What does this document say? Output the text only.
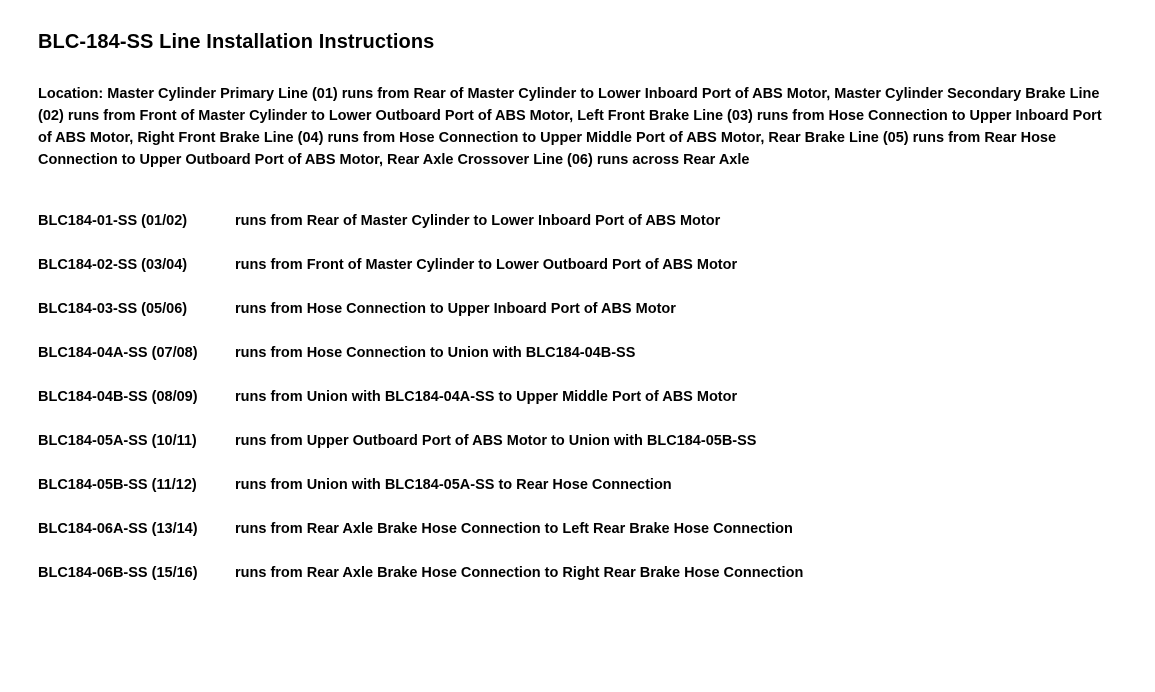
BLC-184-SS Line Installation Instructions

Location: Master Cylinder Primary Line (01) runs from Rear of Master Cylinder to Lower Inboard Port of ABS Motor, Master Cylinder Secondary Brake Line (02) runs from Front of Master Cylinder to Lower Outboard Port of ABS Motor, Left Front Brake Line (03) runs from Hose Connection to Upper Inboard Port of ABS Motor, Right Front Brake Line (04) runs from Hose Connection to Upper Middle Port of ABS Motor, Rear Brake Line (05) runs from Rear Hose Connection to Upper Outboard Port of ABS Motor, Rear Axle Crossover Line (06) runs across Rear Axle

BLC184-01-SS (01/02)	runs from Rear of Master Cylinder to Lower Inboard Port of ABS Motor
BLC184-02-SS (03/04)	runs from Front of Master Cylinder to Lower Outboard Port of ABS Motor
BLC184-03-SS (05/06)	runs from Hose Connection to Upper Inboard Port of ABS Motor
BLC184-04A-SS (07/08)	runs from Hose Connection to Union with BLC184-04B-SS
BLC184-04B-SS (08/09)	runs from Union with BLC184-04A-SS to Upper Middle Port of ABS Motor
BLC184-05A-SS (10/11)	runs from Upper Outboard Port of ABS Motor to Union with BLC184-05B-SS
BLC184-05B-SS (11/12)	runs from Union with BLC184-05A-SS to Rear Hose Connection
BLC184-06A-SS (13/14)	runs from Rear Axle Brake Hose Connection to Left Rear Brake Hose Connection
BLC184-06B-SS (15/16)	runs from Rear Axle Brake Hose Connection to Right Rear Brake Hose Connection
